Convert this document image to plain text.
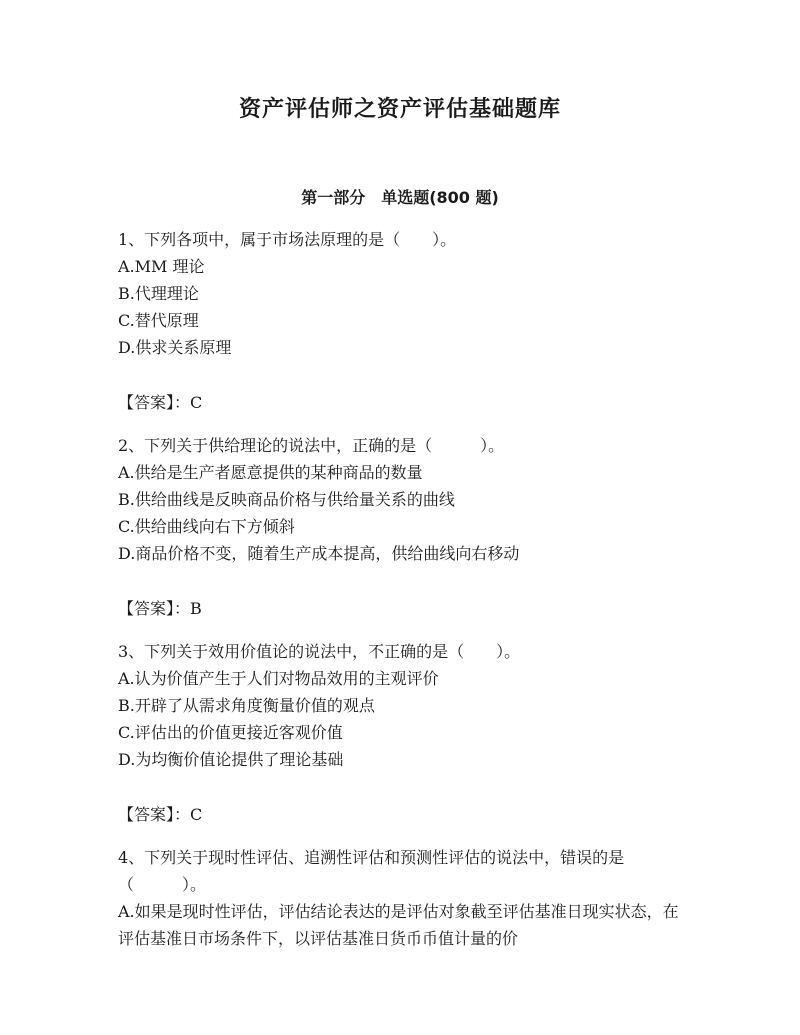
资产评估师之资产评估基础题库
第一部分　单选题(800 题)

1、下列各项中，属于市场法原理的是（　　）。

A.MM 理论

B.代理理论

C.替代原理

D.供求关系原理

【答案】：C

2、下列关于供给理论的说法中，正确的是（　　　）。

A.供给是生产者愿意提供的某种商品的数量

B.供给曲线是反映商品价格与供给量关系的曲线

C.供给曲线向右下方倾斜

D.商品价格不变，随着生产成本提高，供给曲线向右移动

【答案】：B

3、下列关于效用价值论的说法中，不正确的是（　　）。

A.认为价值产生于人们对物品效用的主观评价

B.开辟了从需求角度衡量价值的观点

C.评估出的价值更接近客观价值

D.为均衡价值论提供了理论基础

【答案】：C

4、下列关于现时性评估、追溯性评估和预测性评估的说法中，错误的是（　　　）。

A.如果是现时性评估，评估结论表达的是评估对象截至评估基准日现实状态，在评估基准日市场条件下，以评估基准日货币币值计量的价
